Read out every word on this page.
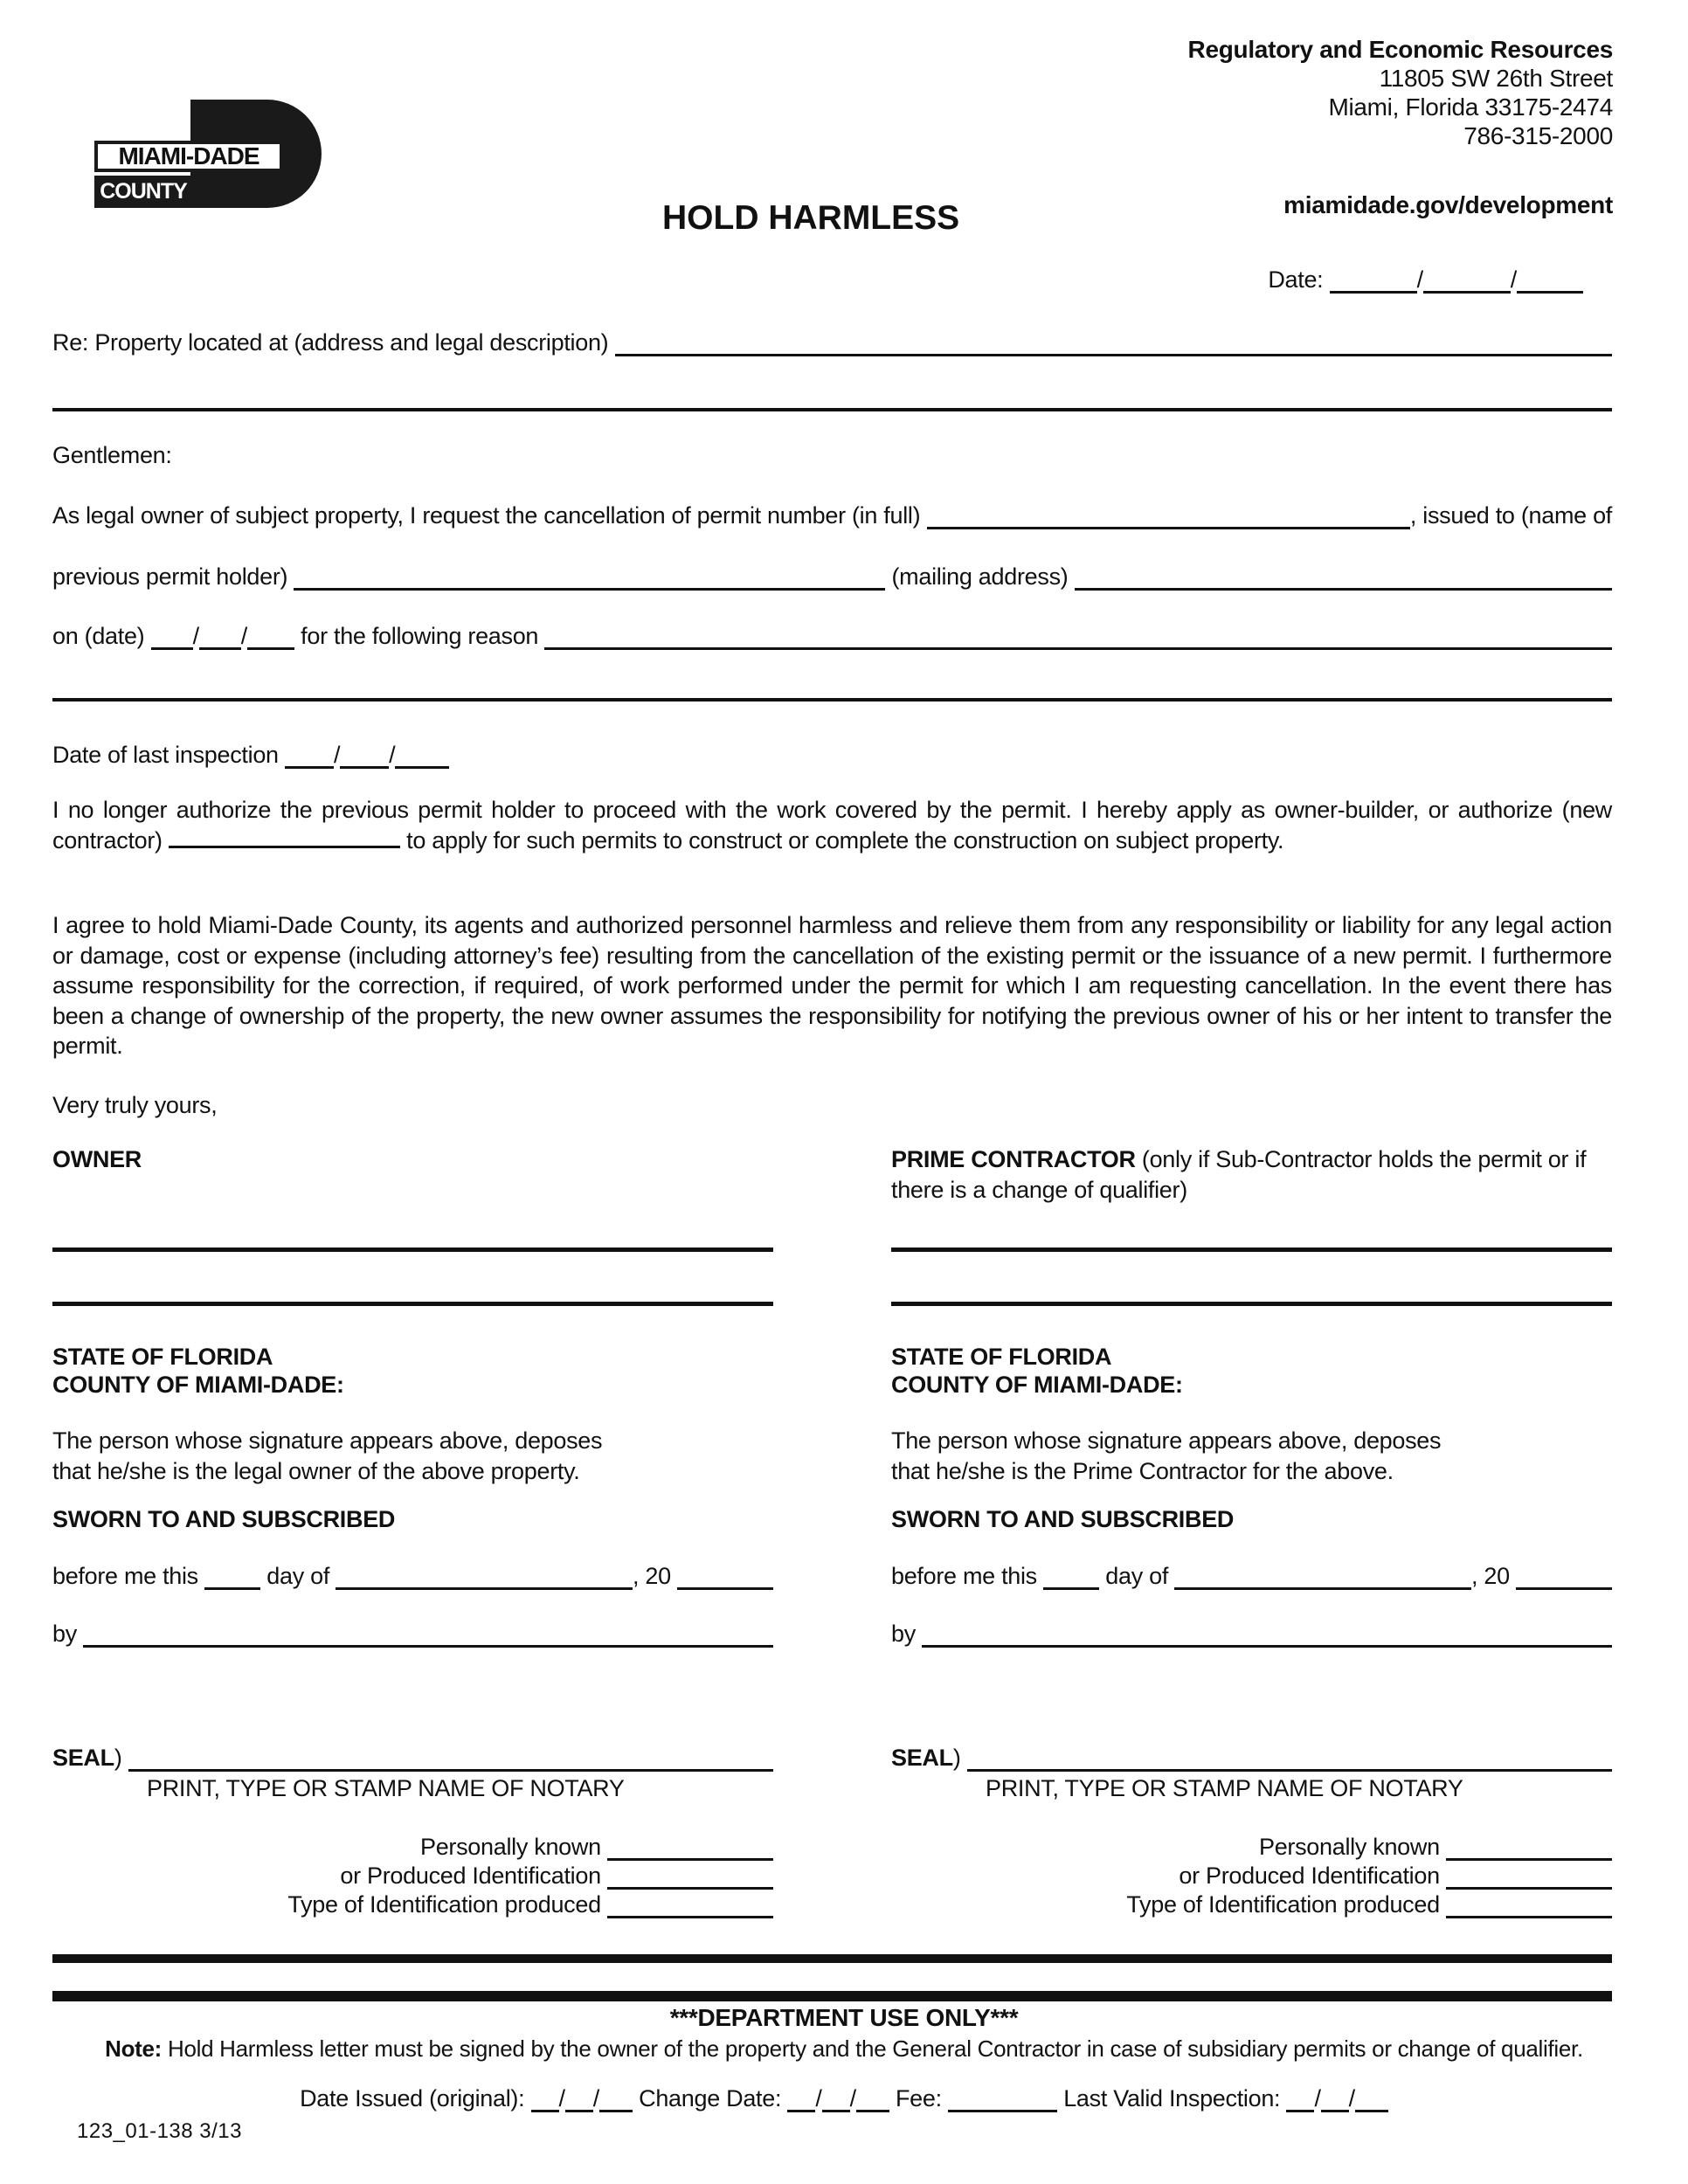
MIAMI-DADE
COUNTY
Regulatory and Economic Resources
11805 SW 26th Street
Miami, Florida 33175-2474
786-315-2000
miamidade.gov/development
HOLD HARMLESS
Date:	/	/
Re: Property located at (address and legal description)
Gentlemen:
As legal owner of subject property, I request the cancellation of permit number (in full)	, issued to (name of
previous permit holder)	(mailing address)
on (date) / / for the following reason
Date of last inspection / /
I no longer authorize the previous permit holder to proceed with the work covered by the permit. I hereby apply as owner-builder, or authorize (new contractor)	to apply for such permits to construct or complete the construction on subject property.
I agree to hold Miami-Dade County, its agents and authorized personnel harmless and relieve them from any responsibility or liability for any legal action or damage, cost or expense (including attorney’s fee) resulting from the cancellation of the existing permit or the issuance of a new permit. I furthermore assume responsibility for the correction, if required, of work performed under the permit for which I am requesting cancellation. In the event there has been a change of ownership of the property, the new owner assumes the responsibility for notifying the previous owner of his or her intent to transfer the permit.
Very truly yours,
OWNER
STATE OF FLORIDA
COUNTY OF MIAMI-DADE:
The person whose signature appears above, deposes
that he/she is the legal owner of the above property.
SWORN TO AND SUBSCRIBED
before me this day of	, 20
by
SEAL )
PRINT, TYPE OR STAMP NAME OF NOTARY
Personally known
or Produced Identification
Type of Identification produced
PRIME CONTRACTOR (only if Sub-Contractor holds the permit or if there is a change of qualifier)
STATE OF FLORIDA
COUNTY OF MIAMI-DADE:
The person whose signature appears above, deposes
that he/she is the Prime Contractor for the above.
SWORN TO AND SUBSCRIBED
before me this day of	, 20
by
SEAL )
PRINT, TYPE OR STAMP NAME OF NOTARY
Personally known
or Produced Identification
Type of Identification produced
***DEPARTMENT USE ONLY***
Note: Hold Harmless letter must be signed by the owner of the property and the General Contractor in case of subsidiary permits or change of qualifier.
Date Issued (original): / / Change Date: / / Fee:	Last Valid Inspection: / /
123_01-138 3/13
